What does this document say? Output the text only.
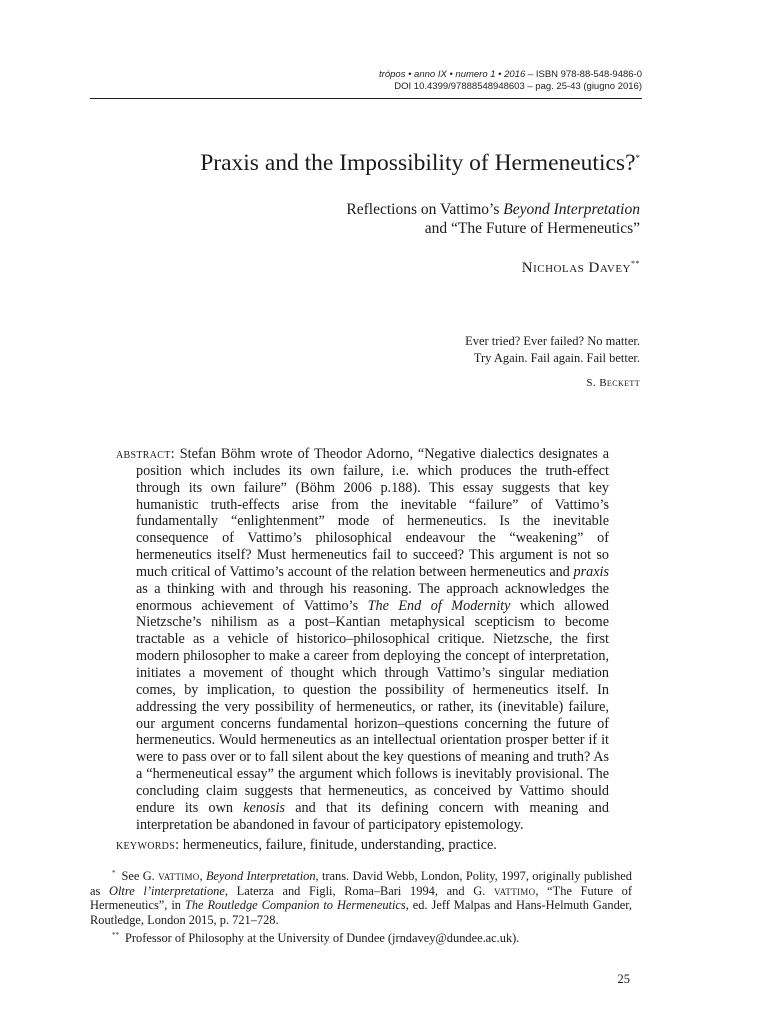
trópos • anno IX • numero 1 • 2016 – ISBN 978-88-548-9486-0
DOI 10.4399/97888548948603 – pag. 25-43 (giugno 2016)
Praxis and the Impossibility of Hermeneutics?*
Reflections on Vattimo’s Beyond Interpretation
and “The Future of Hermeneutics”
Nicholas Davey**
Ever tried? Ever failed? No matter.
Try Again. Fail again. Fail better.
S. Beckett

abstract: Stefan Böhm wrote of Theodor Adorno, “Negative dialectics designates a position which includes its own failure, i.e. which produces the truth-effect through its own failure” (Böhm 2006 p.188). This essay suggests that key humanistic truth-effects arise from the inevitable “failure” of Vattimo’s fundamentally “enlightenment” mode of hermeneutics. Is the inevitable consequence of Vattimo’s philosophical endeavour the “weakening” of hermeneutics itself? Must hermeneutics fail to succeed? This argument is not so much critical of Vattimo’s account of the relation between hermeneutics and praxis as a thinking with and through his reasoning. The approach acknowledges the enormous achievement of Vattimo’s The End of Modernity which allowed Nietzsche’s nihilism as a post–Kantian metaphysical scepticism to become tractable as a vehicle of historico–philosophical critique. Nietzsche, the first modern philosopher to make a career from deploying the concept of interpretation, initiates a movement of thought which through Vattimo’s singular mediation comes, by implication, to question the possibility of hermeneutics itself. In addressing the very possibility of hermeneutics, or rather, its (inevitable) failure, our argument concerns fundamental horizon–questions concerning the future of hermeneutics. Would hermeneutics as an intellectual orientation prosper better if it were to pass over or to fall silent about the key questions of meaning and truth? As a “hermeneutical essay” the argument which follows is inevitably provisional. The concluding claim suggests that hermeneutics, as conceived by Vattimo should endure its own kenosis and that its defining concern with meaning and interpretation be abandoned in favour of participatory epistemology.

keywords: hermeneutics, failure, finitude, understanding, practice.

* See G. vattimo, Beyond Interpretation, trans. David Webb, London, Polity, 1997, originally published as Oltre l’interpretatione, Laterza and Figli, Roma–Bari 1994, and G. vattimo, “The Future of Hermeneutics”, in The Routledge Companion to Hermeneutics, ed. Jeff Malpas and Hans-Helmuth Gander, Routledge, London 2015, p. 721–728.

** Professor of Philosophy at the University of Dundee (jrndavey@dundee.ac.uk).

25
